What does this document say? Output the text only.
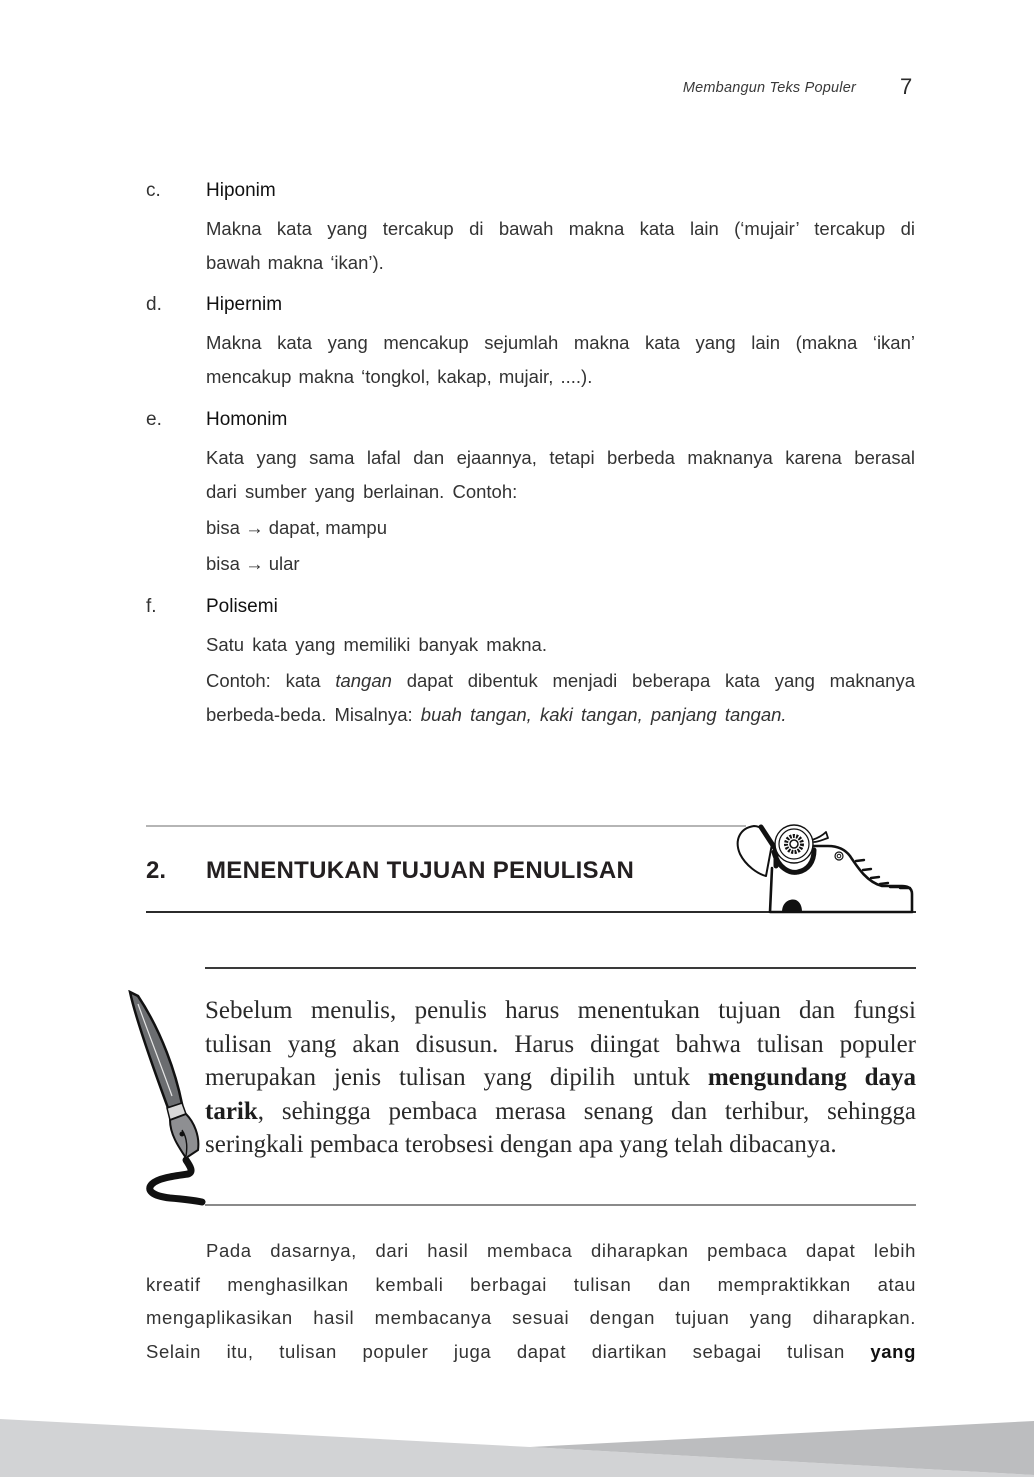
Membangun Teks Populer 7
c. Hiponim
Makna kata yang tercakup di bawah makna kata lain (‘mujair’ tercakup di
bawah makna ‘ikan’).
d. Hipernim
Makna kata yang mencakup sejumlah makna kata yang lain (makna ‘ikan’
mencakup makna ‘tongkol, kakap, mujair, ....).
e. Homonim
Kata yang sama lafal dan ejaannya, tetapi berbeda maknanya karena berasal
dari sumber yang berlainan. Contoh:
bisa → dapat, mampu
bisa → ular
f.	Polisemi
Satu kata yang memiliki banyak makna.
Contoh: kata tangan dapat dibentuk menjadi beberapa kata yang maknanya
berbeda-beda. Misalnya: buah tangan, kaki tangan, panjang tangan.
2. MENENTUKAN TUJUAN PENULISAN
Sebelum menulis, penulis harus menentukan tujuan dan fungsi
tulisan yang akan disusun. Harus diingat bahwa tulisan populer
merupakan jenis tulisan yang dipilih untuk mengundang daya
tarik, sehingga pembaca merasa senang dan terhibur, sehingga
seringkali pembaca terobsesi dengan apa yang telah dibacanya.
Pada dasarnya, dari hasil membaca diharapkan pembaca dapat lebih
kreatif menghasilkan kembali berbagai tulisan dan mempraktikkan atau
mengaplikasikan hasil membacanya sesuai dengan tujuan yang diharapkan.
Selain itu, tulisan populer juga dapat diartikan sebagai tulisan yang
